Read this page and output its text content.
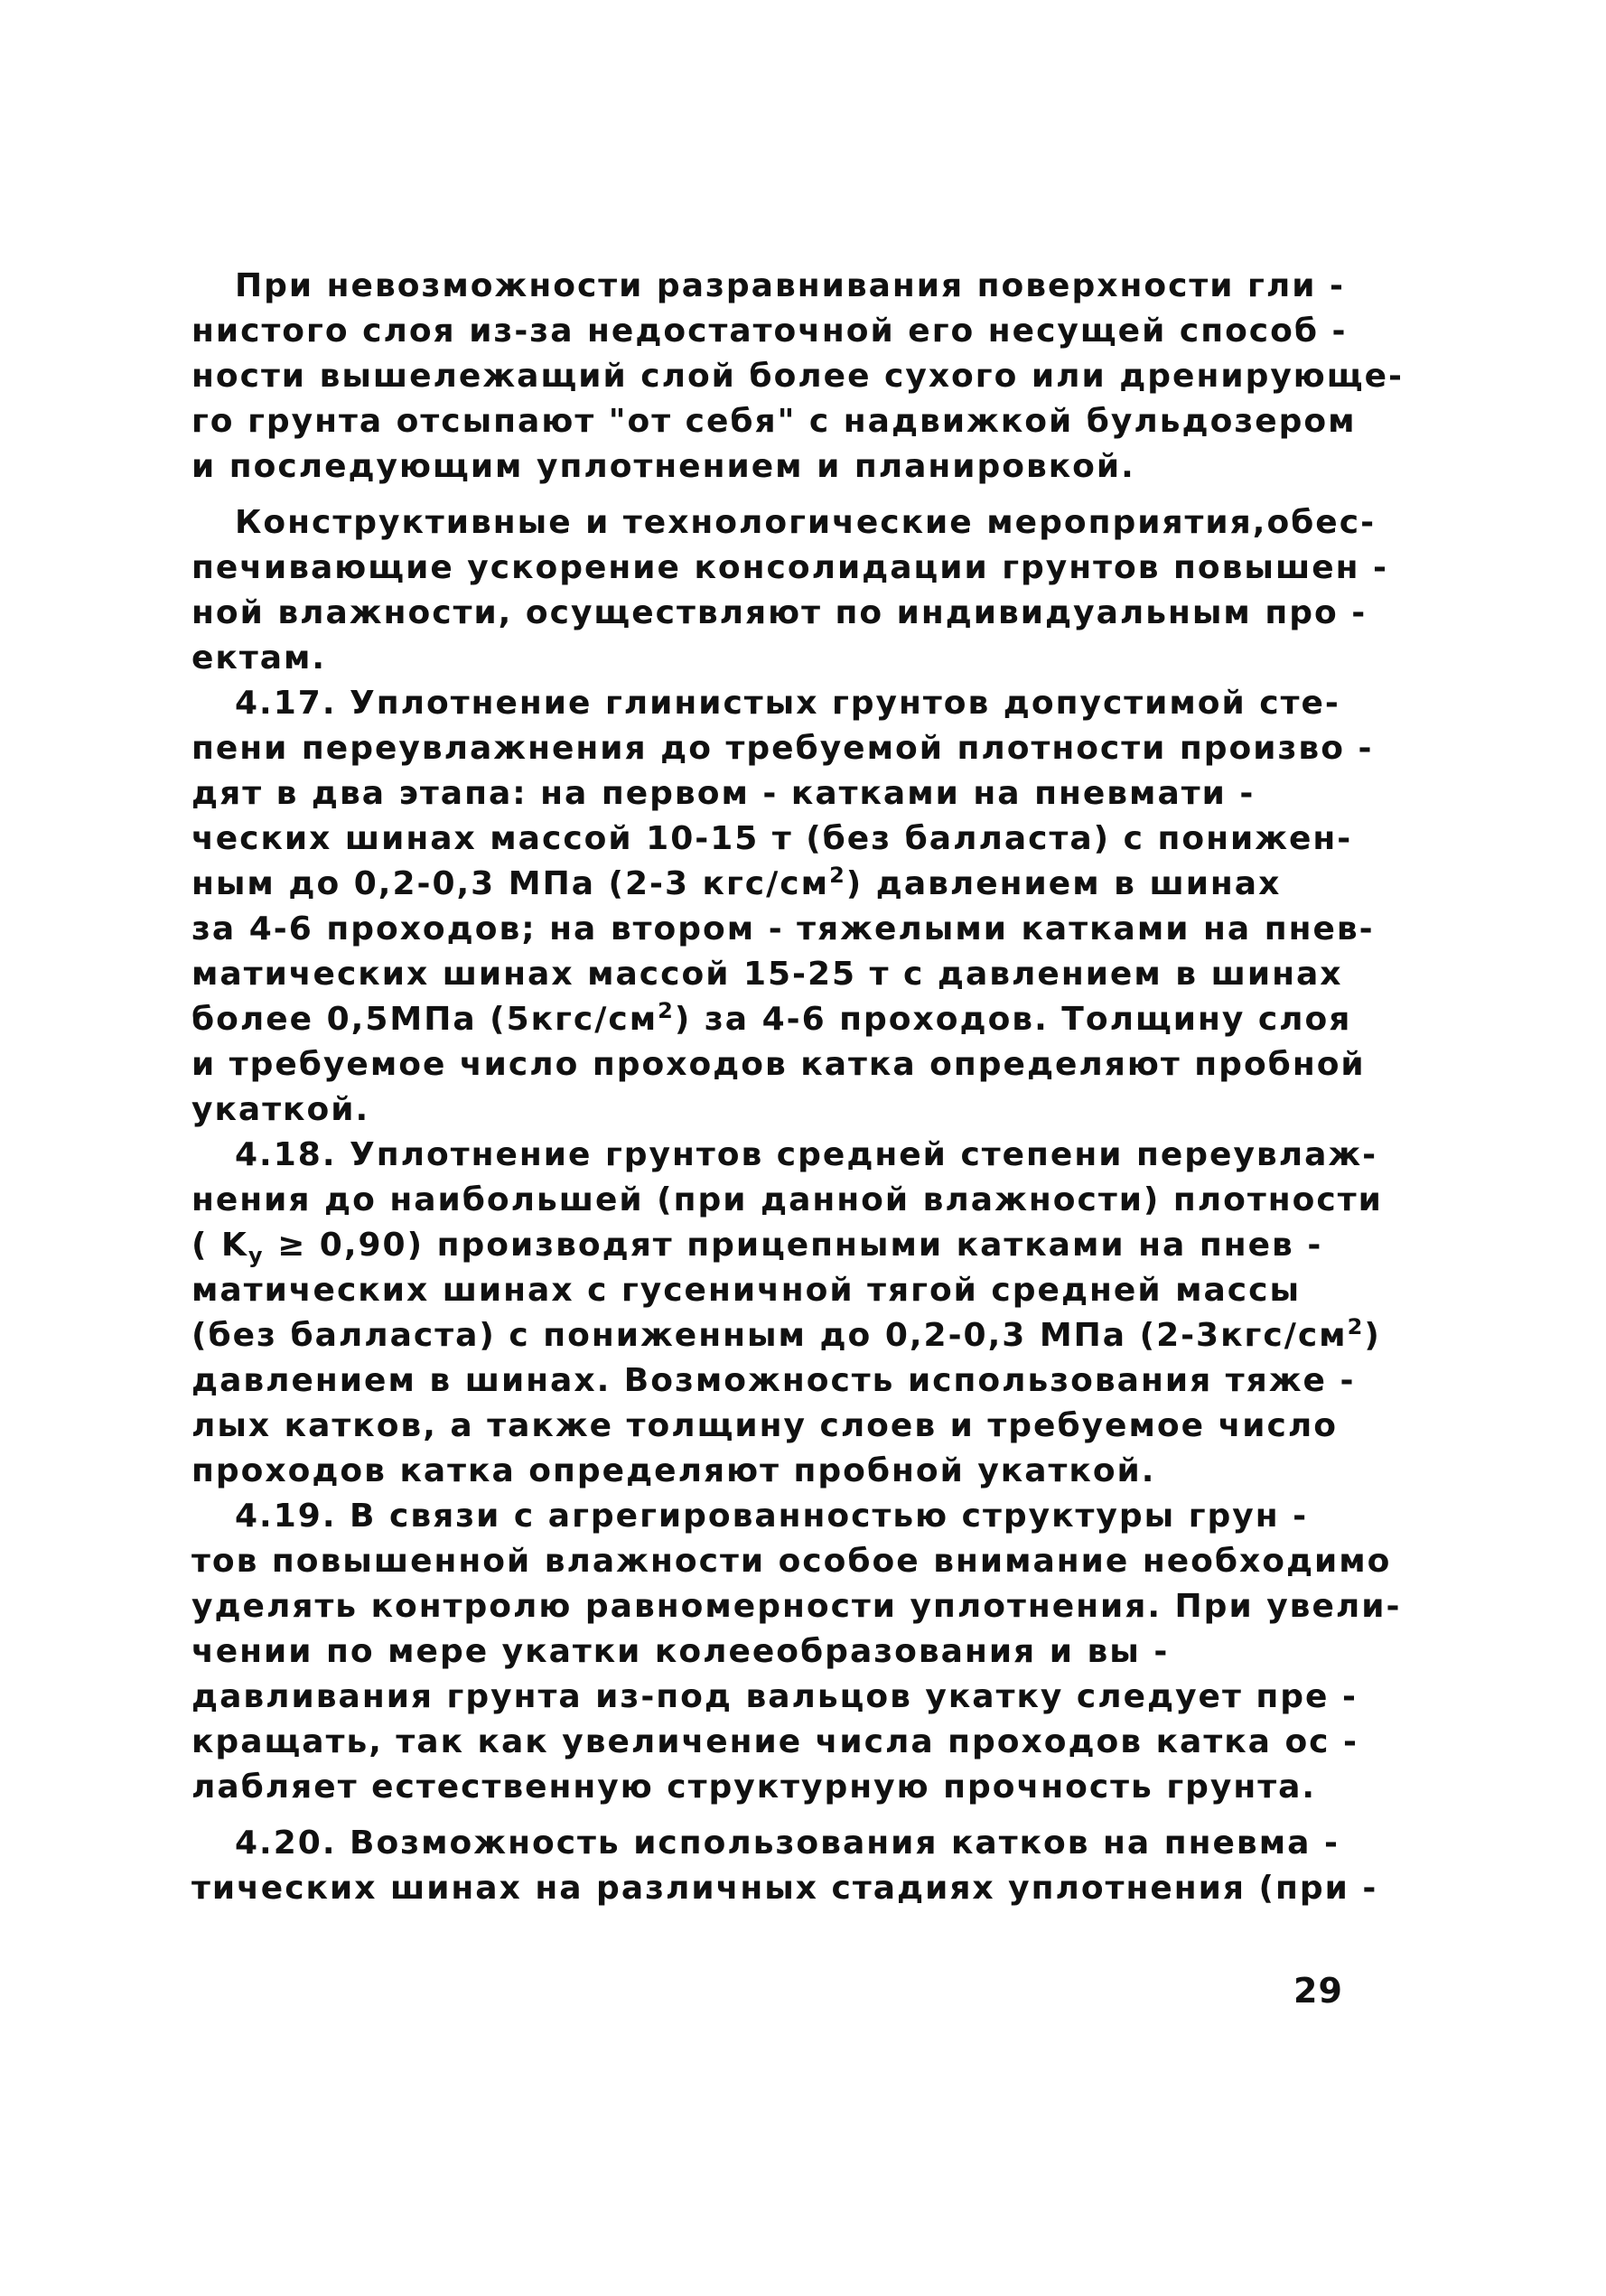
При невозможности разравнивания поверхности гли -
нистого слоя из-за недостаточной его несущей способ -
ности вышележащий слой более сухого или дренирующе-
го грунта отсыпают "от себя" с надвижкой бульдозером
и последующим уплотнением и планировкой.
Конструктивные и технологические мероприятия,обес-
печивающие ускорение консолидации грунтов повышен -
ной влажности, осуществляют по индивидуальным про -
ектам.
4.17. Уплотнение глинистых грунтов допустимой сте-
пени переувлажнения до требуемой плотности произво -
дят в два этапа: на первом - катками на пневмати -
ческих шинах массой 10-15 т (без балласта) с понижен-
ным до 0,2-0,3 МПа (2-3 кгс/$см^2$) давлением в шинах
за 4-6 проходов; на втором - тяжелыми катками на пнев-
матических шинах массой 15-25 т с давлением в шинах
более 0,5МПа $(5кгс/см^2)$ за 4-6 проходов. Толщину слоя
и требуемое число проходов катка определяют пробной
укаткой.
4.18. Уплотнение грунтов средней степени переувлаж-
нения до наибольшей (при данной влажности) плотности
( $K_y \ge 0,90$) производят прицепными катками на пнев -
матических шинах с гусеничной тягой средней массы
(без балласта) с пониженным до 0,2-0,3 МПа $(2-3кгс/см^2)$
давлением в шинах. Возможность использования тяже -
лых катков, а также толщину слоев и требуемое число
проходов катка определяют пробной укаткой.
4.19. В связи с агрегированностью структуры грун -
тов повышенной влажности особое внимание необходимо
уделять контролю равномерности уплотнения. При увели-
чении по мере укатки колееобразования и вы -
давливания грунта из-под вальцов укатку следует пре -
кращать, так как увеличение числа проходов катка ос -
лабляет естественную структурную прочность грунта.
4.20. Возможность использования катков на пневма -
тических шинах на различных стадиях уплотнения (при -
29
